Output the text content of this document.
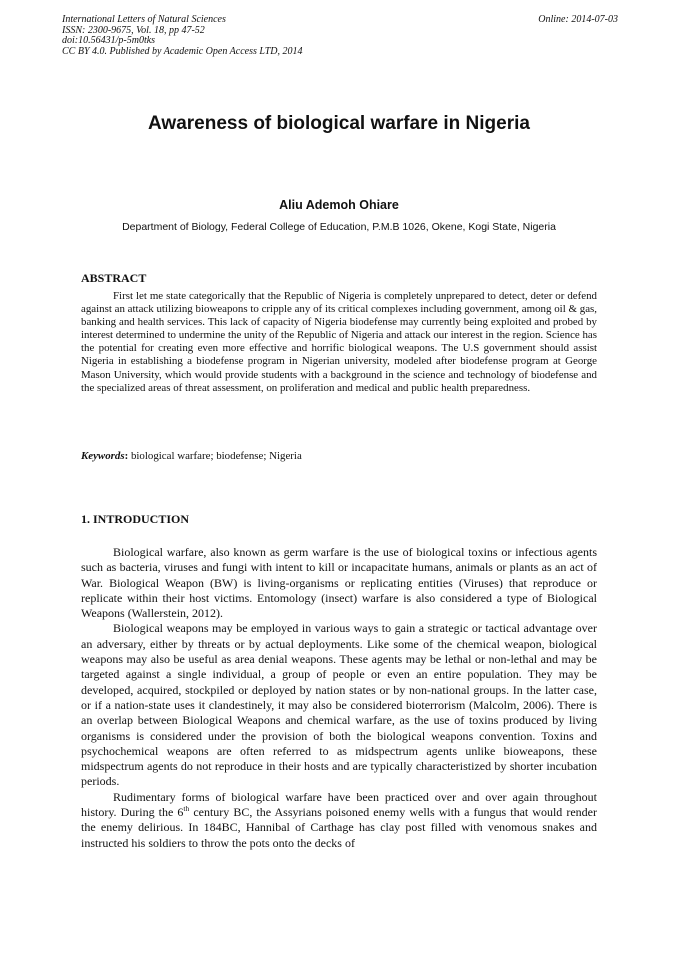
International Letters of Natural Sciences
ISSN: 2300-9675, Vol. 18, pp 47-52
doi:10.56431/p-5m0tks
CC BY 4.0. Published by Academic Open Access LTD, 2014
Online: 2014-07-03
Awareness of biological warfare in Nigeria
Aliu Ademoh Ohiare
Department of Biology, Federal College of Education, P.M.B 1026, Okene, Kogi State, Nigeria
ABSTRACT

First let me state categorically that the Republic of Nigeria is completely unprepared to detect, deter or defend against an attack utilizing bioweapons to cripple any of its critical complexes including government, among oil & gas, banking and health services. This lack of capacity of Nigeria biodefense may currently being exploited and probed by interest determined to undermine the unity of the Republic of Nigeria and attack our interest in the region. Science has the potential for creating even more effective and horrific biological weapons. The U.S government should assist Nigeria in establishing a biodefense program in Nigerian university, modeled after biodefense program at George Mason University, which would provide students with a background in the science and technology of biodefense and the specialized areas of threat assessment, on proliferation and medical and public health preparedness.

Keywords: biological warfare; biodefense; Nigeria
1. INTRODUCTION

Biological warfare, also known as germ warfare is the use of biological toxins or infectious agents such as bacteria, viruses and fungi with intent to kill or incapacitate humans, animals or plants as an act of War. Biological Weapon (BW) is living-organisms or replicating entities (Viruses) that reproduce or replicate within their host victims. Entomology (insect) warfare is also considered a type of Biological Weapons (Wallerstein, 2012).

Biological weapons may be employed in various ways to gain a strategic or tactical advantage over an adversary, either by threats or by actual deployments. Like some of the chemical weapon, biological weapons may also be useful as area denial weapons. These agents may be lethal or non-lethal and may be targeted against a single individual, a group of people or even an entire population. They may be developed, acquired, stockpiled or deployed by nation states or by non-national groups. In the latter case, or if a nation-state uses it clandestinely, it may also be considered bioterrorism (Malcolm, 2006). There is an overlap between Biological Weapons and chemical warfare, as the use of toxins produced by living organisms is considered under the provision of both the biological weapons convention. Toxins and psychochemical weapons are often referred to as midspectrum agents unlike bioweapons, these midspectrum agents do not reproduce in their hosts and are typically characteristized by shorter incubation periods.

Rudimentary forms of biological warfare have been practiced over and over again throughout history. During the 6th century BC, the Assyrians poisoned enemy wells with a fungus that would render the enemy delirious. In 184BC, Hannibal of Carthage has clay post filled with venomous snakes and instructed his soldiers to throw the pots onto the decks of
